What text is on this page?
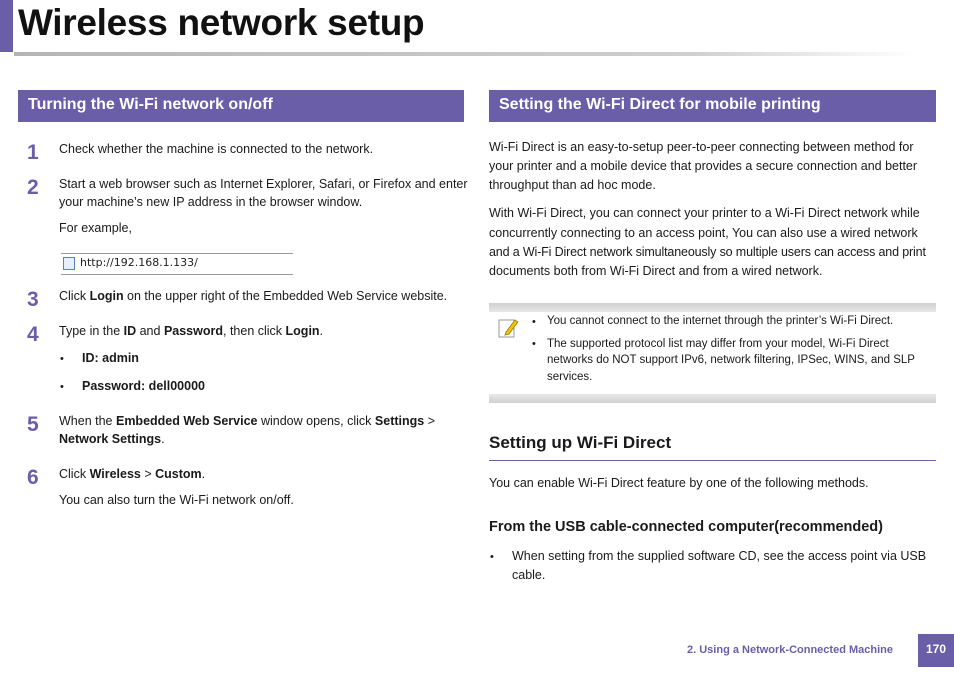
Wireless network setup
Turning the Wi-Fi network on/off
1 Check whether the machine is connected to the network.
2 Start a web browser such as Internet Explorer, Safari, or Firefox and enter
your machine’s new IP address in the browser window.
For example,
http://192.168.1.133/
3 Click Login on the upper right of the Embedded Web Service website.
4 Type in the ID and Password, then click Login.
• ID: admin
• Password: dell00000
5 When the Embedded Web Service window opens, click Settings >
Network Settings.
6 Click Wireless > Custom.
You can also turn the Wi-Fi network on/off.
Setting the Wi-Fi Direct for mobile printing
Wi-Fi Direct is an easy-to-setup peer-to-peer connecting between method for
your printer and a mobile device that provides a secure connection and better
throughput than ad hoc mode.
With Wi-Fi Direct, you can connect your printer to a Wi-Fi Direct network while
concurrently connecting to an access point, You can also use a wired network
and a Wi-Fi Direct network simultaneously so multiple users can access and print
documents both from Wi-Fi Direct and from a wired network.
• You cannot connect to the internet through the printer’s Wi-Fi Direct.
• The supported protocol list may differ from your model, Wi-Fi Direct
networks do NOT support IPv6, network filtering, IPSec, WINS, and SLP
services.
Setting up Wi-Fi Direct
You can enable Wi-Fi Direct feature by one of the following methods.
From the USB cable-connected computer(recommended)
• When setting from the supplied software CD, see the access point via USB
cable.
2. Using a Network-Connected Machine	170
